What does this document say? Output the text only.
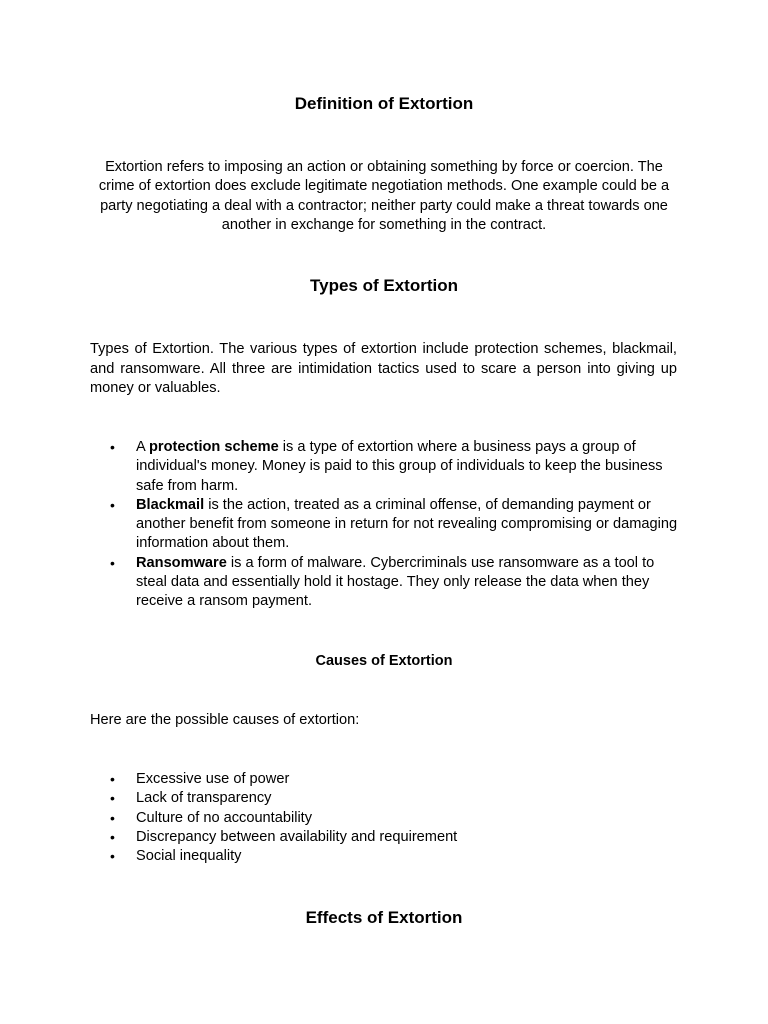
Definition of Extortion

Extortion refers to imposing an action or obtaining something by force or coercion. The crime of extortion does exclude legitimate negotiation methods. One example could be a party negotiating a deal with a contractor; neither party could make a threat towards one another in exchange for something in the contract.

Types of Extortion

Types of Extortion. The various types of extortion include protection schemes, blackmail, and ransomware. All three are intimidation tactics used to scare a person into giving up money or valuables.

• A protection scheme is a type of extortion where a business pays a group of individual's money. Money is paid to this group of individuals to keep the business safe from harm.
• Blackmail is the action, treated as a criminal offense, of demanding payment or another benefit from someone in return for not revealing compromising or damaging information about them.
• Ransomware is a form of malware. Cybercriminals use ransomware as a tool to steal data and essentially hold it hostage. They only release the data when they receive a ransom payment.
Causes of Extortion

Here are the possible causes of extortion:

• Excessive use of power
• Lack of transparency
• Culture of no accountability
• Discrepancy between availability and requirement
• Social inequality
Effects of Extortion
